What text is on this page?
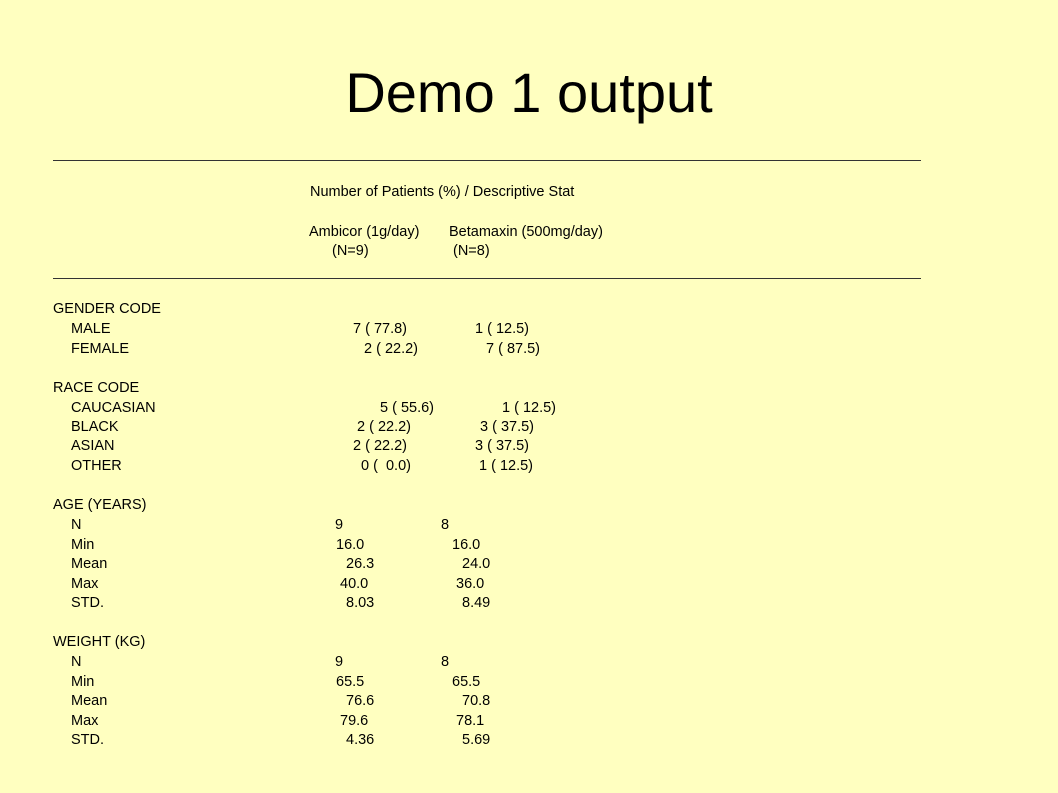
Demo 1 output
Number of Patients (%) / Descriptive Stat
Ambicor (1g/day) Betamaxin (500mg/day)
(N=9)	(N=8)
GENDER CODE
MALE	7 ( 77.8)	1 ( 12.5)
FEMALE	2 ( 22.2)	7 ( 87.5)
RACE CODE
CAUCASIAN	5 ( 55.6)	1 ( 12.5)
BLACK	2 ( 22.2)	3 ( 37.5)
ASIAN	2 ( 22.2)	3 ( 37.5)
OTHER	0 (  0.0)	1 ( 12.5)
AGE (YEARS)
N	9	8
Min	16.0	16.0
Mean	26.3	24.0
Max	40.0	36.0
STD.	8.03	8.49
WEIGHT (KG)
N	9	8
Min	65.5	65.5
Mean	76.6	70.8
Max	79.6	78.1
STD.	4.36	5.69
